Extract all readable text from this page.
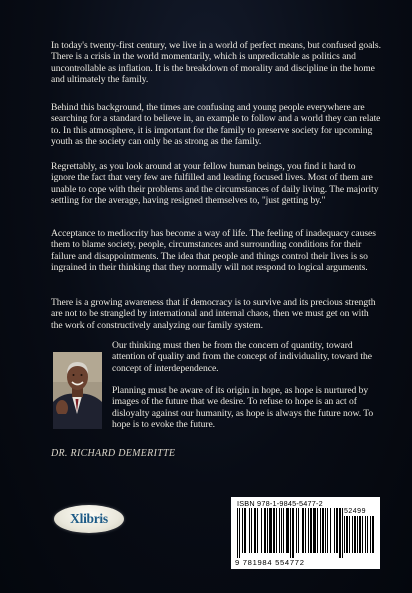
In today's twenty-first century, we live in a world of perfect means, but confused goals. There is a crisis in the world momentarily, which is unpredictable as politics and uncontrollable as inflation. It is the breakdown of morality and discipline in the home and ultimately the family.

Behind this background, the times are confusing and young people everywhere are searching for a standard to believe in, an example to follow and a world they can relate to. In this atmosphere, it is important for the family to preserve society for upcoming youth as the society can only be as strong as the family.

Regrettably, as you look around at your fellow human beings, you find it hard to ignore the fact that very few are fulfilled and leading focused lives. Most of them are unable to cope with their problems and the circumstances of daily living. The majority settling for the average, having resigned themselves to, "just getting by."

Acceptance to mediocrity has become a way of life. The feeling of inadequacy causes them to blame society, people, circumstances and surrounding conditions for their failure and disappointments. The idea that people and things control their lives is so ingrained in their thinking that they normally will not respond to logical arguments.

There is a growing awareness that if democracy is to survive and its precious strength are not to be strangled by international and internal chaos, then we must get on with the work of constructively analyzing our family system.

Our thinking must then be from the concern of quantity, toward attention of quality and from the concept of individuality, toward the concept of interdependence.

Planning must be aware of its origin in hope, as hope is nurtured by images of the future that we desire. To refuse to hope is an act of disloyalty against our humanity, as hope is always the future now. To hope is to evoke the future.

DR. RICHARD DEMERITTE
Xlibris
ISBN 978-1-9845-5477-2
52499
9 781984 554772
